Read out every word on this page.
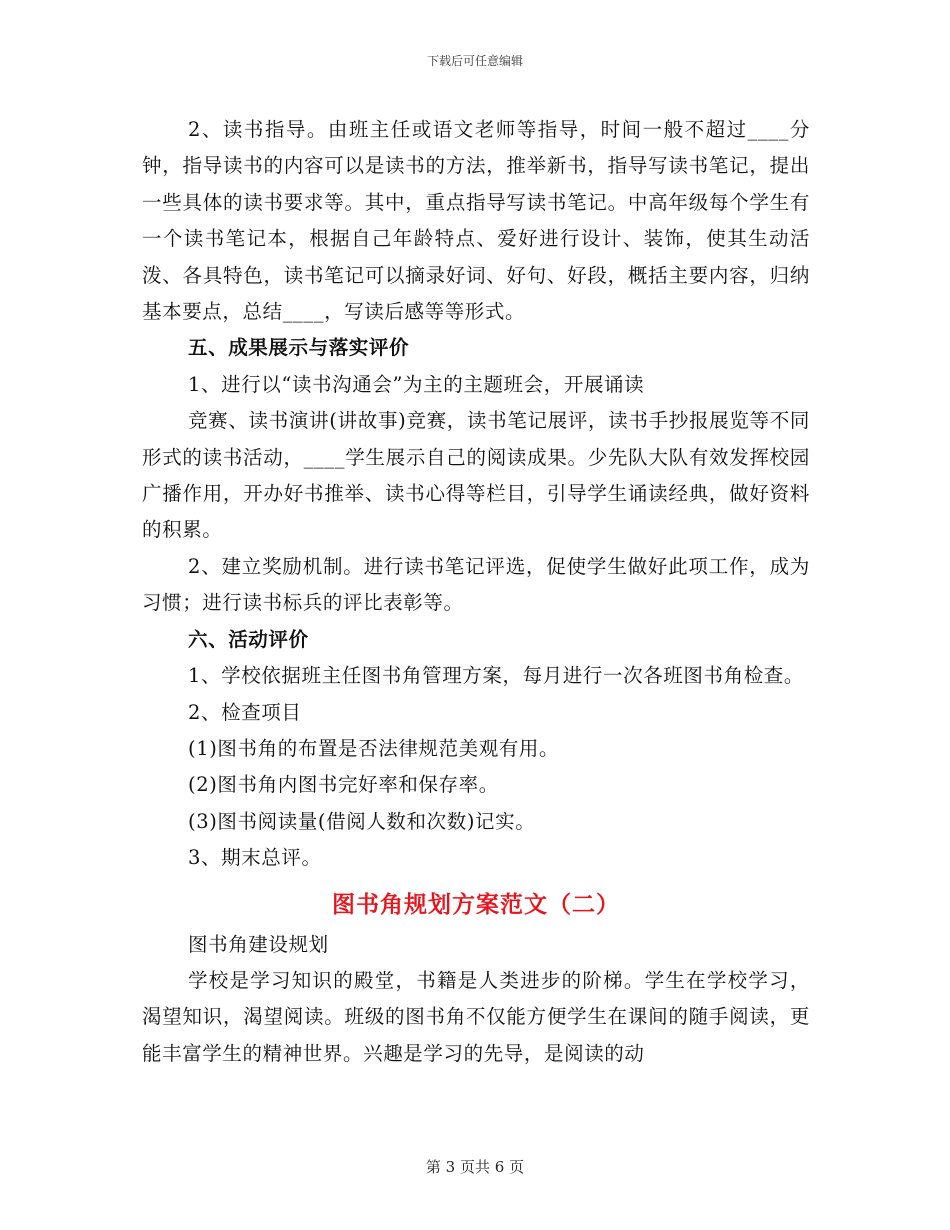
下载后可任意编辑

2、读书指导。由班主任或语文老师等指导，时间一般不超过____分钟，指导读书的内容可以是读书的方法，推举新书，指导写读书笔记，提出一些具体的读书要求等。其中，重点指导写读书笔记。中高年级每个学生有一个读书笔记本，根据自己年龄特点、爱好进行设计、装饰，使其生动活泼、各具特色，读书笔记可以摘录好词、好句、好段，概括主要内容，归纳基本要点，总结____，写读后感等等形式。

五、成果展示与落实评价

1、进行以“读书沟通会”为主的主题班会，开展诵读

竞赛、读书演讲(讲故事)竞赛，读书笔记展评，读书手抄报展览等不同形式的读书活动，____学生展示自己的阅读成果。少先队大队有效发挥校园广播作用，开办好书推举、读书心得等栏目，引导学生诵读经典，做好资料的积累。

2、建立奖励机制。进行读书笔记评选，促使学生做好此项工作，成为习惯；进行读书标兵的评比表彰等。

六、活动评价

1、学校依据班主任图书角管理方案，每月进行一次各班图书角检查。

2、检查项目

(1)图书角的布置是否法律规范美观有用。

(2)图书角内图书完好率和保存率。

(3)图书阅读量(借阅人数和次数)记实。

3、期末总评。

图书角规划方案范文（二）

图书角建设规划

学校是学习知识的殿堂，书籍是人类进步的阶梯。学生在学校学习，渴望知识，渴望阅读。班级的图书角不仅能方便学生在课间的随手阅读，更能丰富学生的精神世界。兴趣是学习的先导，是阅读的动

第 3 页共 6 页
